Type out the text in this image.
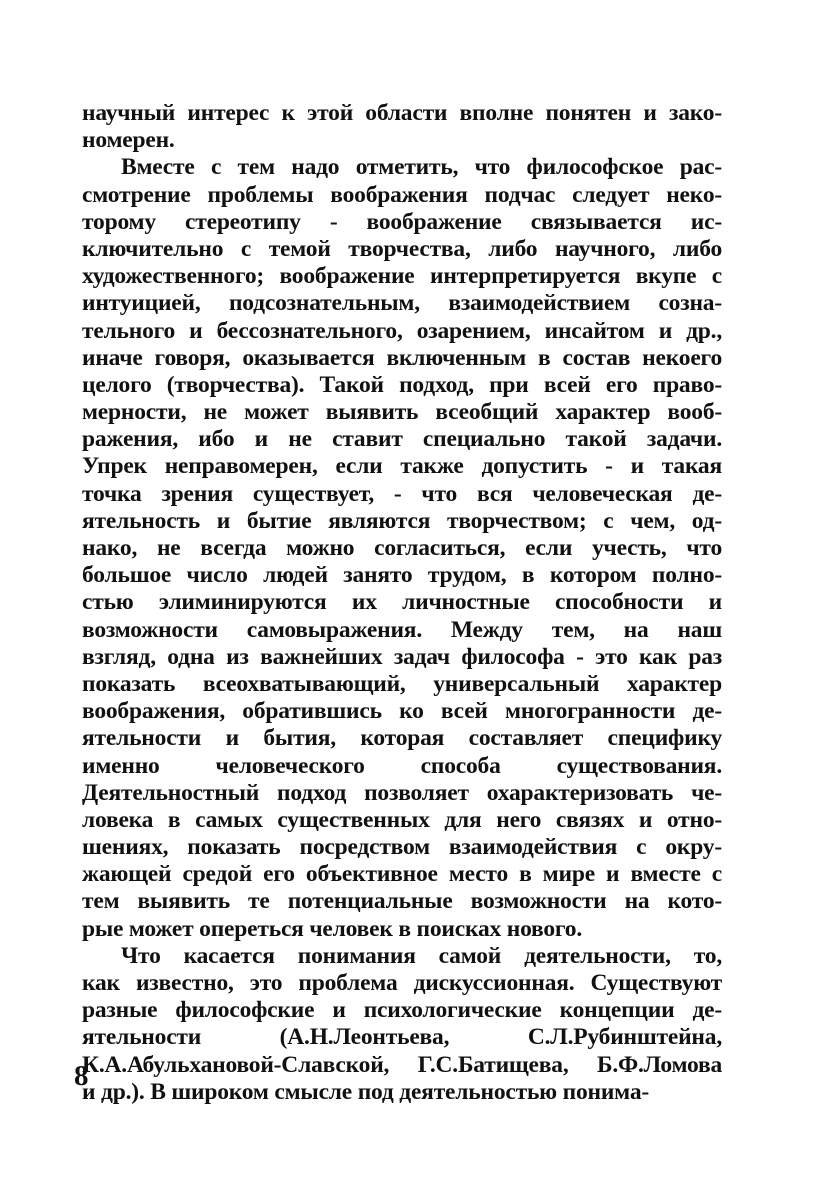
научный интерес к этой области вполне понятен и зако-
номерен.
Вместе с тем надо отметить, что философское рас-
смотрение проблемы воображения подчас следует неко-
торому стереотипу - воображение связывается ис-
ключительно с темой творчества, либо научного, либо
художественного; воображение интерпретируется вкупе с
интуицией, подсознательным, взаимодействием созна-
тельного и бессознательного, озарением, инсайтом и др.,
иначе говоря, оказывается включенным в состав некоего
целого (творчества). Такой подход, при всей его право-
мерности, не может выявить всеобщий характер вооб-
ражения, ибо и не ставит специально такой задачи.
Упрек неправомерен, если также допустить - и такая
точка зрения существует, - что вся человеческая де-
ятельность и бытие являются творчеством; с чем, од-
нако, не всегда можно согласиться, если учесть, что
большое число людей занято трудом, в котором полно-
стью элиминируются их личностные способности и
возможности самовыражения. Между тем, на наш
взгляд, одна из важнейших задач философа - это как раз
показать всеохватывающий, универсальный характер
воображения, обратившись ко всей многогранности де-
ятельности и бытия, которая составляет специфику
именно человеческого способа существования.
Деятельностный подход позволяет охарактеризовать че-
ловека в самых существенных для него связях и отно-
шениях, показать посредством взаимодействия с окру-
жающей средой его объективное место в мире и вместе с
тем выявить те потенциальные возможности на кото-
рые может опереться человек в поисках нового.
Что касается понимания самой деятельности, то,
как известно, это проблема дискуссионная. Существуют
разные философские и психологические концепции де-
ятельности (А.Н.Леонтьева, С.Л.Рубинштейна,
К.А.Абульхановой-Славской, Г.С.Батищева, Б.Ф.Ломова
и др.). В широком смысле под деятельностью понима-
8
